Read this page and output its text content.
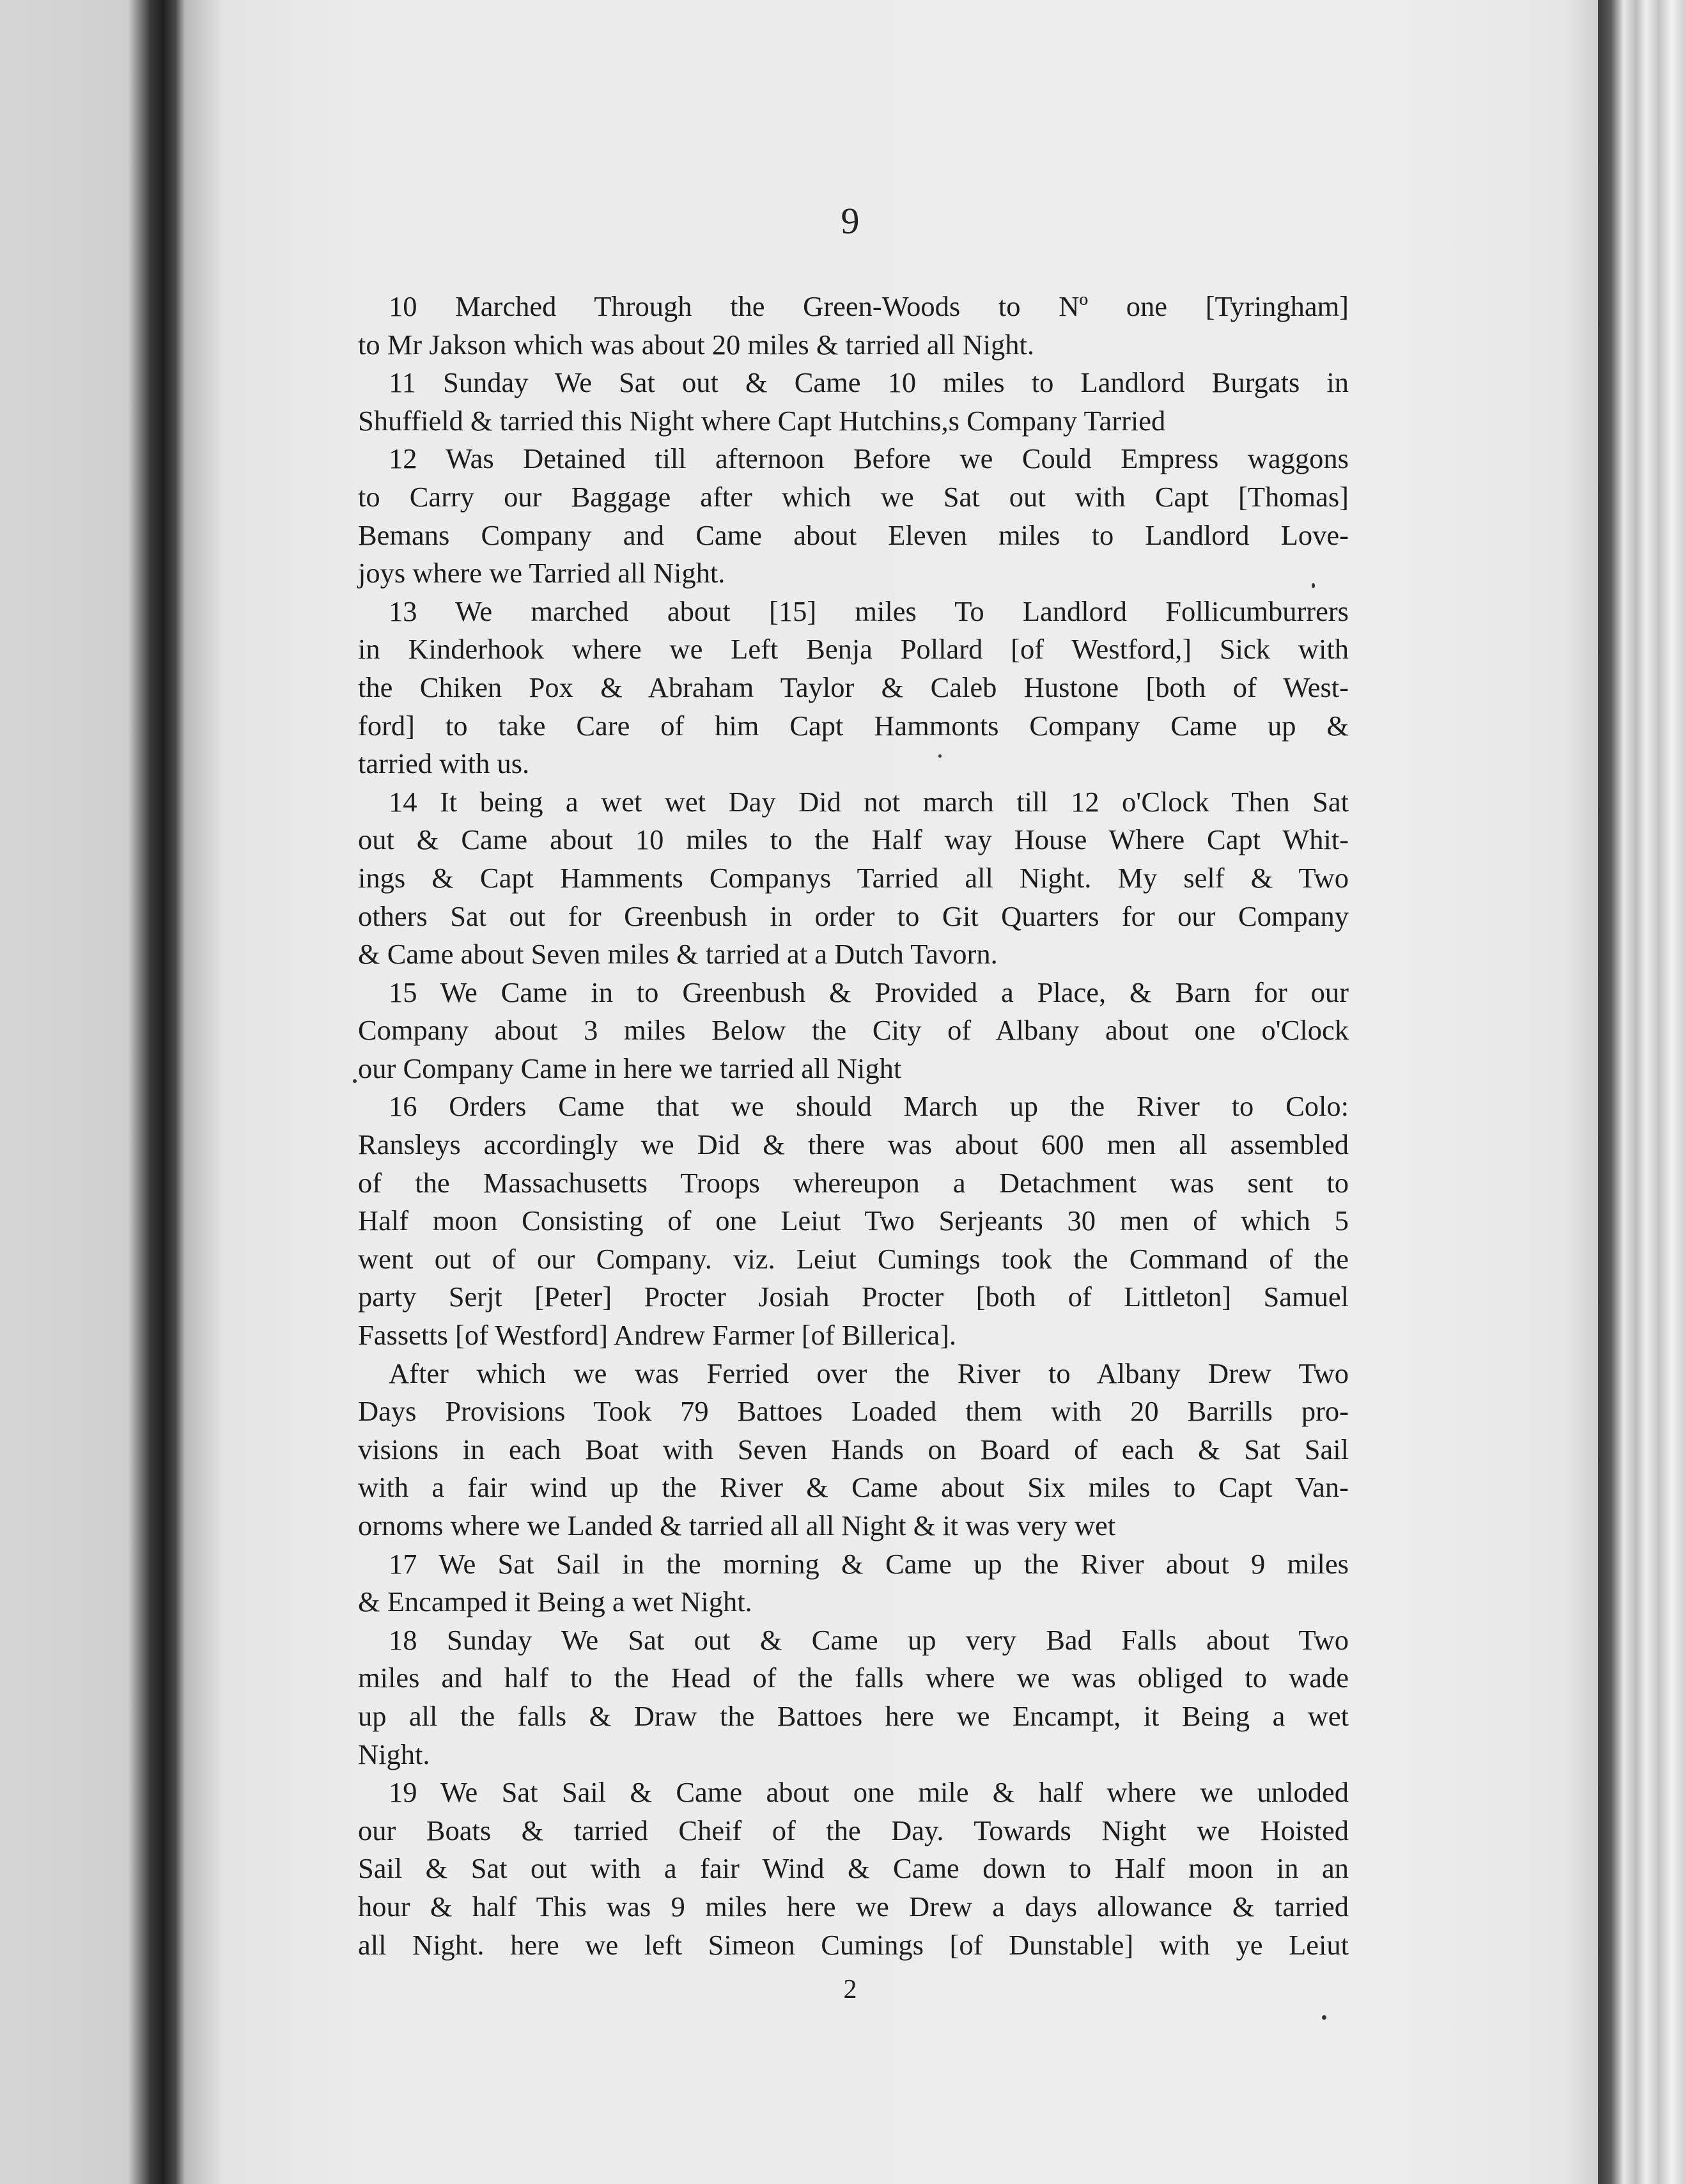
9
10 Marched Through the Green-Woods to Nº one [Tyringham]
to Mr Jakson which was about 20 miles & tarried all Night.
11 Sunday We Sat out & Came 10 miles to Landlord Burgats in
Shuffield & tarried this Night where Capt Hutchins,s Company Tarried
12 Was Detained till afternoon Before we Could Empress waggons
to Carry our Baggage after which we Sat out with Capt [Thomas]
Bemans Company and Came about Eleven miles to Landlord Love-
joys where we Tarried all Night.
13 We marched about [15] miles To Landlord Follicumburrers
in Kinderhook where we Left Benja Pollard [of Westford,] Sick with
the Chiken Pox & Abraham Taylor & Caleb Hustone [both of West-
ford] to take Care of him Capt Hammonts Company Came up &
tarried with us.
14 It being a wet wet Day Did not march till 12 o'Clock Then Sat
out & Came about 10 miles to the Half way House Where Capt Whit-
ings & Capt Hamments Companys Tarried all Night. My self & Two
others Sat out for Greenbush in order to Git Quarters for our Company
& Came about Seven miles & tarried at a Dutch Tavorn.
15 We Came in to Greenbush & Provided a Place, & Barn for our
Company about 3 miles Below the City of Albany about one o'Clock
our Company Came in here we tarried all Night
16 Orders Came that we should March up the River to Colo:
Ransleys accordingly we Did & there was about 600 men all assembled
of the Massachusetts Troops whereupon a Detachment was sent to
Half moon Consisting of one Leiut Two Serjeants 30 men of which 5
went out of our Company. viz. Leiut Cumings took the Command of the
party Serjt [Peter] Procter Josiah Procter [both of Littleton] Samuel
Fassetts [of Westford] Andrew Farmer [of Billerica].
After which we was Ferried over the River to Albany Drew Two
Days Provisions Took 79 Battoes Loaded them with 20 Barrills pro-
visions in each Boat with Seven Hands on Board of each & Sat Sail
with a fair wind up the River & Came about Six miles to Capt Van-
ornoms where we Landed & tarried all all Night & it was very wet
17 We Sat Sail in the morning & Came up the River about 9 miles
& Encamped it Being a wet Night.
18 Sunday We Sat out & Came up very Bad Falls about Two
miles and half to the Head of the falls where we was obliged to wade
up all the falls & Draw the Battoes here we Encampt, it Being a wet
Night.
19 We Sat Sail & Came about one mile & half where we unloded
our Boats & tarried Cheif of the Day. Towards Night we Hoisted
Sail & Sat out with a fair Wind & Came down to Half moon in an
hour & half This was 9 miles here we Drew a days allowance & tarried
all Night. here we left Simeon Cumings [of Dunstable] with ye Leiut
2
